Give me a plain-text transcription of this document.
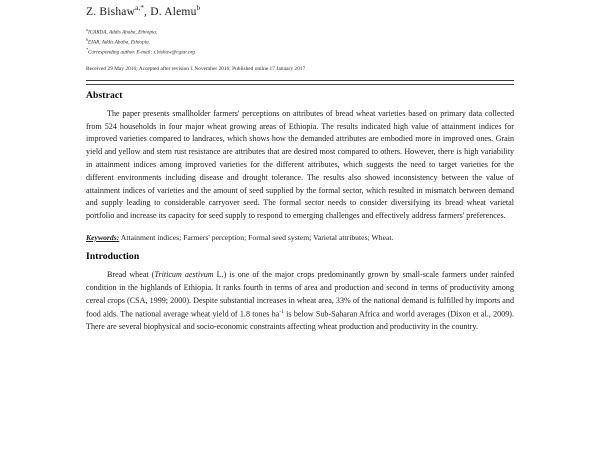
Z. Bishaw$^{a,*}$, D. Alemu$^b$
$^a$ICARDA, Addis Ababa, Ethiopia.
$^b$EIAR, Addis Ababa, Ethiopia.
*Corresponding author. E-mail: z.bishaw@cgiar.org
Received 29 May 2016; Accepted after revision 1 November 2016; Published online 17 January 2017
Abstract

The paper presents smallholder farmers' perceptions on attributes of bread wheat varieties based on primary data collected from 524 households in four major wheat growing areas of Ethiopia. The results indicated high value of attainment indices for improved varieties compared to landraces, which shows how the demanded attributes are embodied more in improved ones. Grain yield and yellow and stem rust resistance are attributes that are desired most compared to others. However, there is high variability in attainment indices among improved varieties for the different attributes, which suggests the need to target varieties for the different environments including disease and drought tolerance. The results also showed inconsistency between the value of attainment indices of varieties and the amount of seed supplied by the formal sector, which resulted in mismatch between demand and supply leading to considerable carryover seed. The formal sector needs to consider diversifying its bread wheat varietal portfolio and increase its capacity for seed supply to respond to emerging challenges and effectively address farmers' preferences.

Keywords: Attainment indices; Farmers' perception; Formal seed system; Varietal attributes; Wheat.
Introduction

Bread wheat (Triticum aestivum L.) is one of the major crops predominantly grown by small-scale farmers under rainfed condition in the highlands of Ethiopia. It ranks fourth in terms of area and production and second in terms of productivity among cereal crops (CSA, 1999; 2000). Despite substantial increases in wheat area, 33% of the national demand is fulfilled by imports and food aids. The national average wheat yield of 1.8 tones $ha^{-1}$ is below Sub-Saharan Africa and world averages (Dixon et al., 2009). There are several biophysical and socio-economic constraints affecting wheat production and productivity in the country.
